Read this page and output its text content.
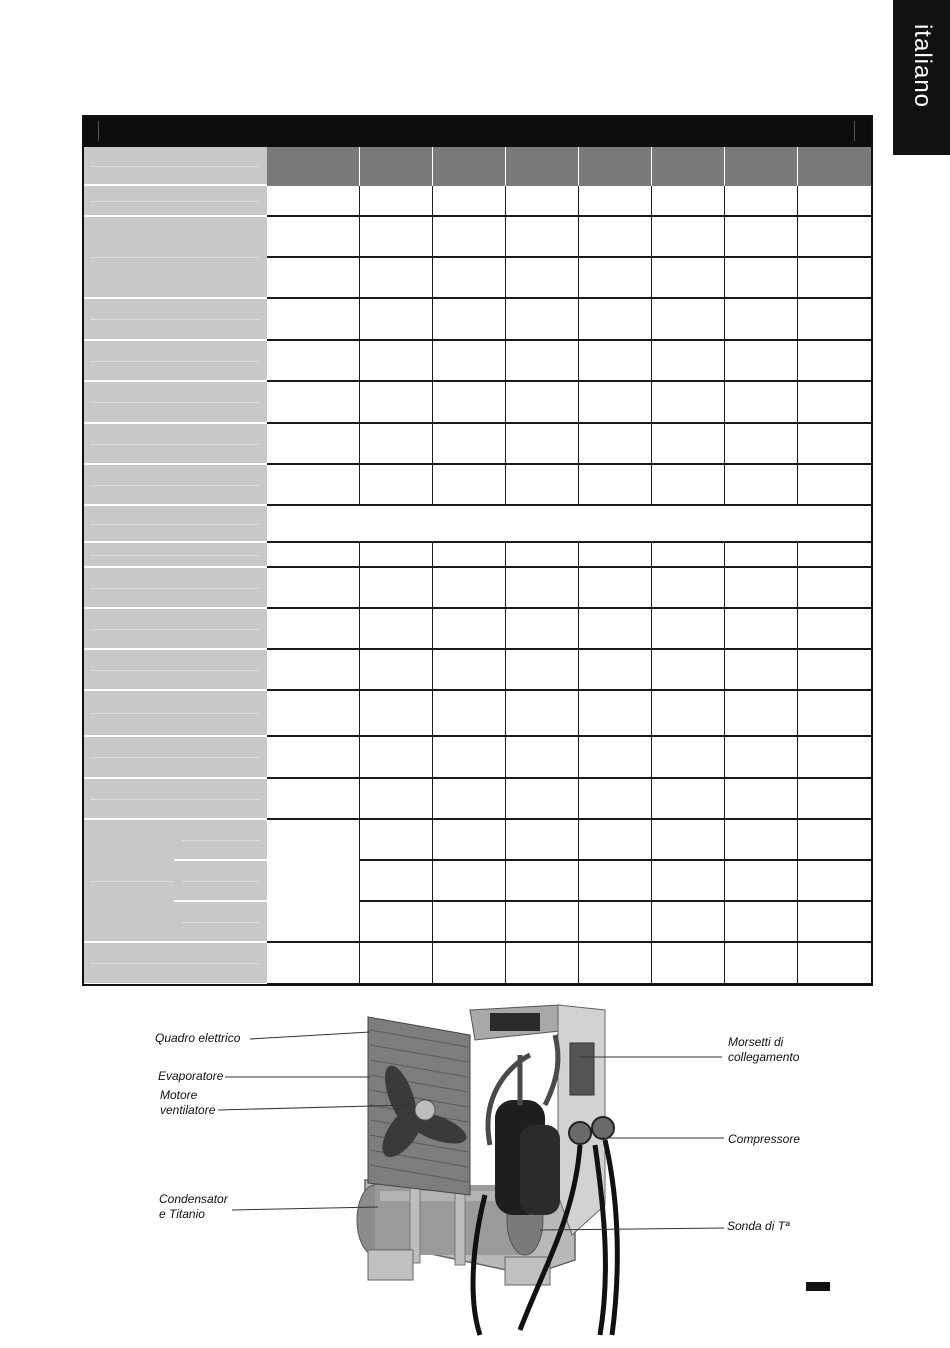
italiano
Quadro elettrico
Evaporatore
Motore
ventilatore
Condensator
e Titanio
Morsetti di
collegamento
Compressore
Sonda di Tª
